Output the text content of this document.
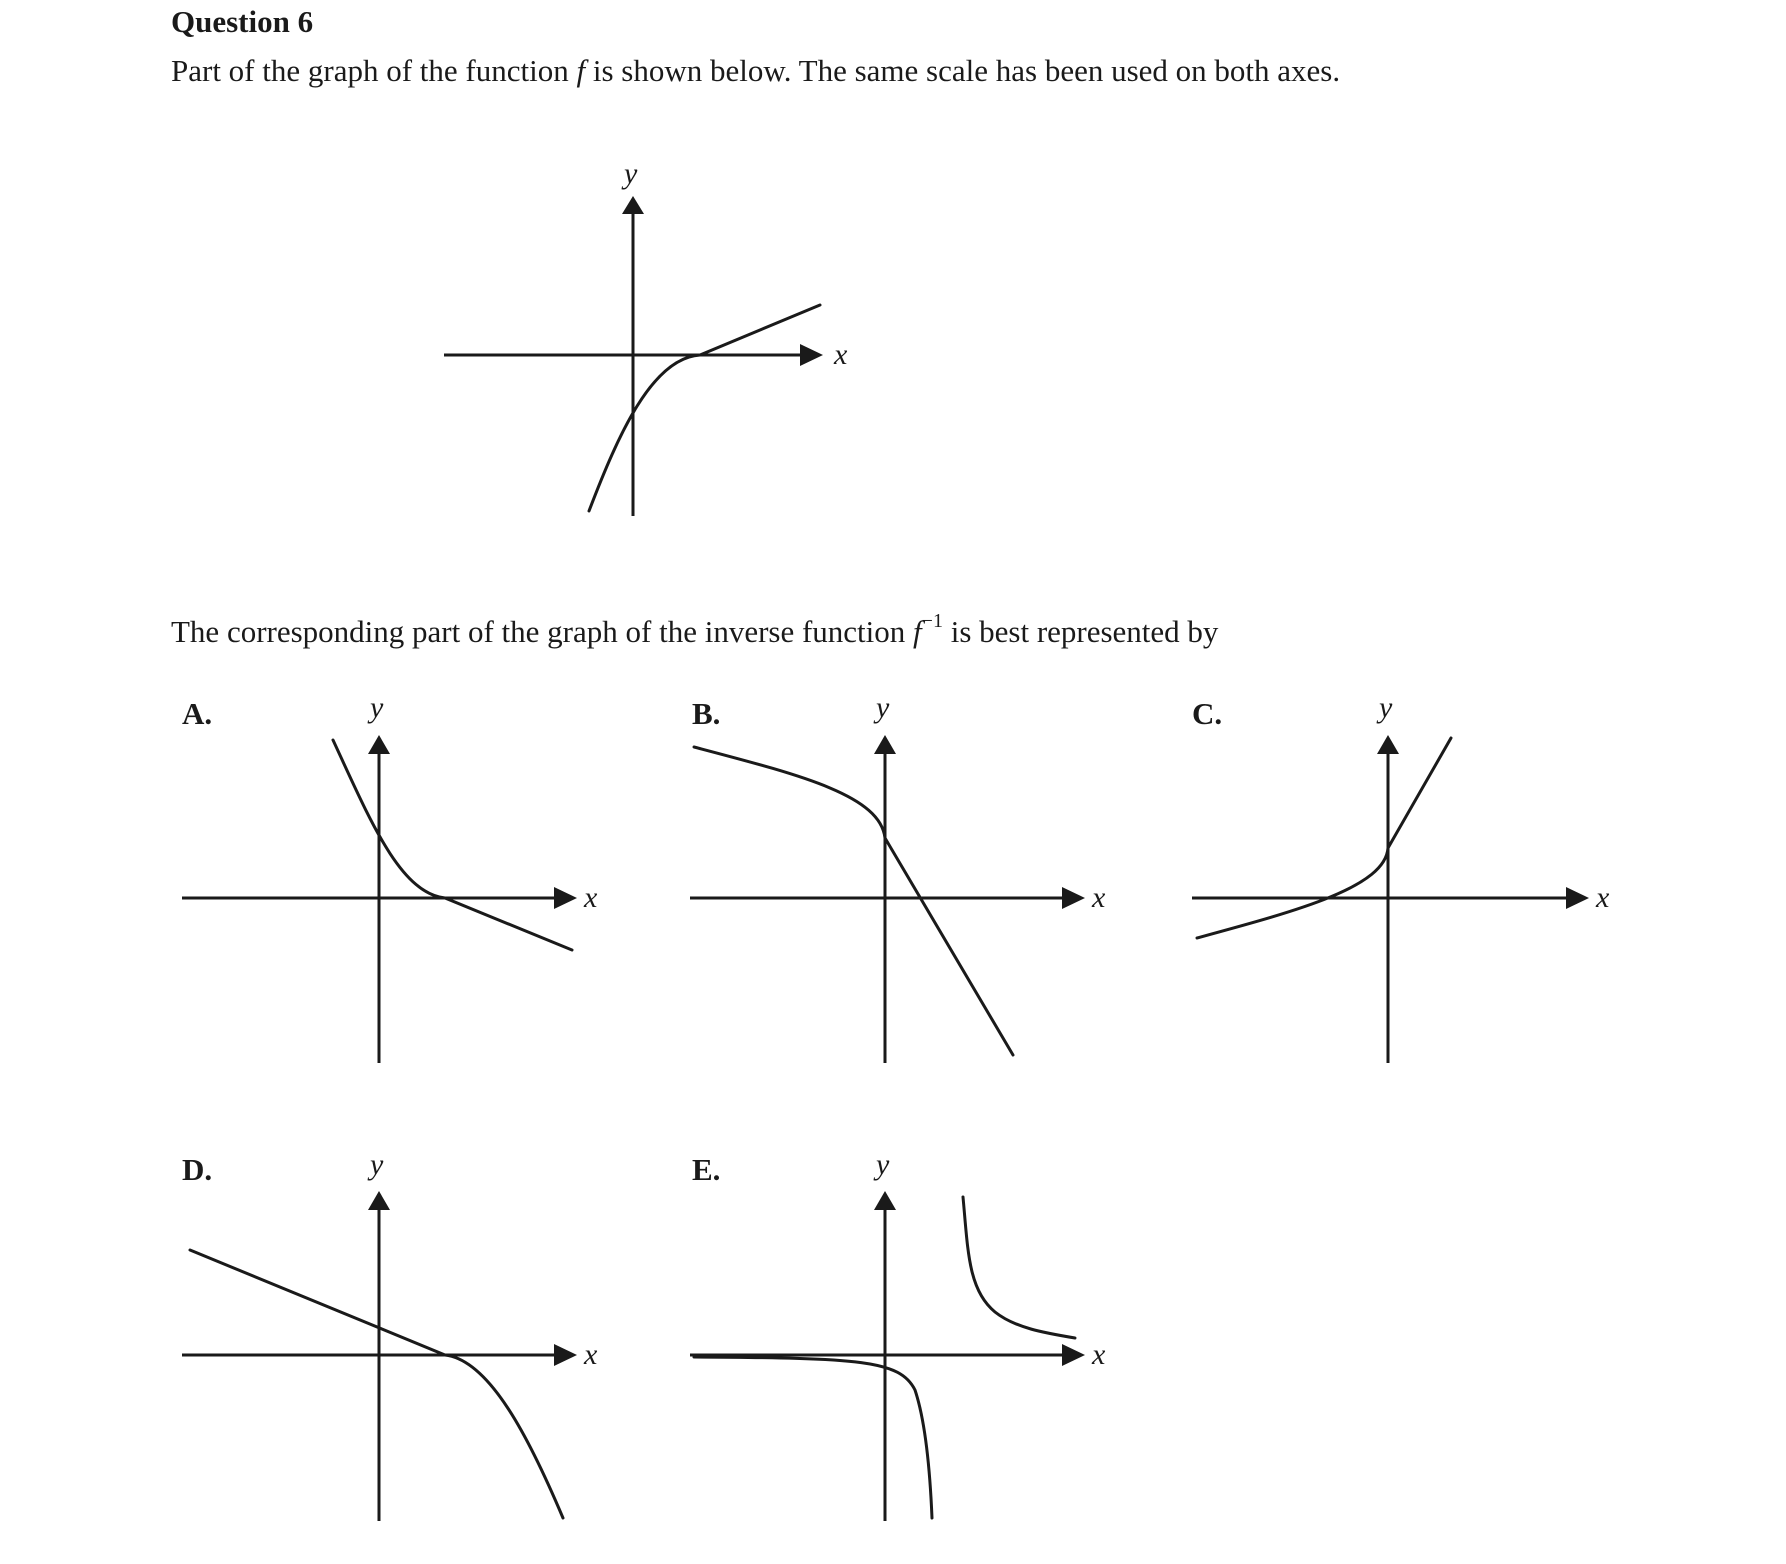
Question 6

Part of the graph of the function f is shown below. The same scale has been used on both axes.

The corresponding part of the graph of the inverse function $f^{-1}$ is best represented by

A.	B.	C.
D.	E.
x
y
x
y
x
y
x
y
x
y
x
y
